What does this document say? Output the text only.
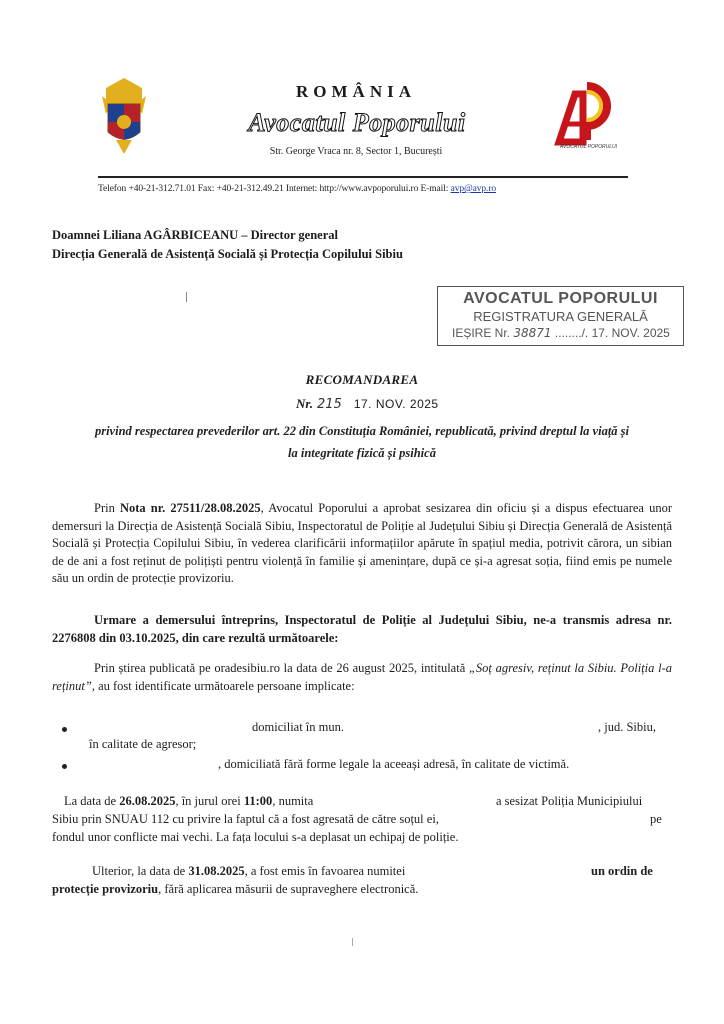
ROMÂNIA
Avocatul Poporului
Str. George Vraca nr. 8, Sector 1, București	AVOCATUL POPORULUI
Telefon +40-21-312.71.01 Fax: +40-21-312.49.21 Internet: http://www.avpoporului.ro E-mail: avp@avp.ro
Doamnei Liliana AGÂRBICEANU – Director general
Direcția Generală de Asistență Socială și Protecția Copilului Sibiu
AVOCATUL POPORULUI
REGISTRATURA GENERALĂ
IEȘIRE Nr. 38871 ......../. 17. NOV. 2025
RECOMANDAREA
Nr. 215 17. NOV. 2025
privind respectarea prevederilor art. 22 din Constituția României, republicată, privind dreptul la viață și
la integritate fizică și psihică
Prin Nota nr. 27511/28.08.2025, Avocatul Poporului a aprobat sesizarea din oficiu și a dispus efectuarea unor demersuri la Direcția de Asistență Socială Sibiu, Inspectoratul de Poliție al Județului Sibiu și Direcția Generală de Asistență Socială și Protecția Copilului Sibiu, în vederea clarificării informațiilor apărute în spațiul media, potrivit cărora, un sibian de de ani a fost reținut de polițiști pentru violență în familie și amenințare, după ce și-a agresat soția, fiind emis pe numele său un ordin de protecție provizoriu.
Urmare a demersului întreprins, Inspectoratul de Poliție al Județului Sibiu, ne-a transmis adresa nr. 2276808 din 03.10.2025, din care rezultă următoarele:
Prin știrea publicată pe oradesibiu.ro la data de 26 august 2025, intitulată „Soț agresiv, reținut la Sibiu. Poliția l-a reținut”, au fost identificate următoarele persoane implicate:
domiciliat în mun.	, jud. Sibiu,
în calitate de agresor;
, domiciliată fără forme legale la aceeași adresă, în calitate de victimă.
La data de 26.08.2025, în jurul orei 11:00, numita	a sesizat Poliția Municipiului
Sibiu prin SNUAU 112 cu privire la faptul că a fost agresată de către soțul ei,	pe
fondul unor conflicte mai vechi. La fața locului s-a deplasat un echipaj de poliție.
Ulterior, la data de 31.08.2025, a fost emis în favoarea numitei	un ordin de
protecție provizoriu, fără aplicarea măsurii de supraveghere electronică.
